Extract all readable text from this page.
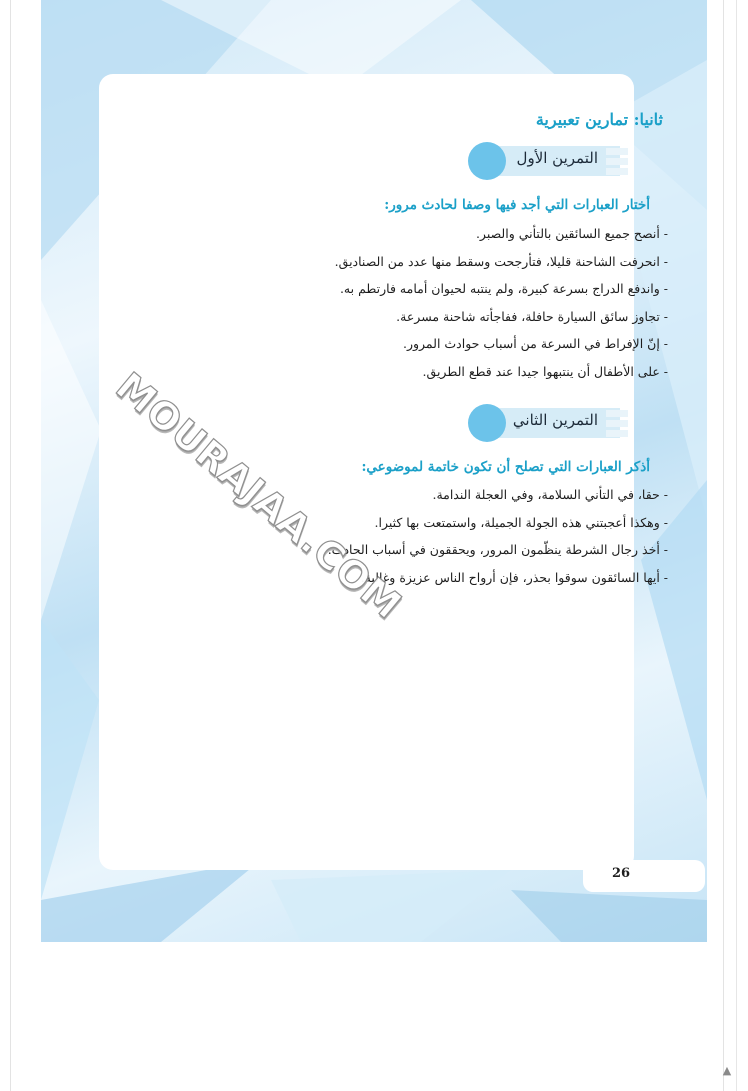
▲
26
ثانيا: تمارين تعبيرية
التمرين الأول
أختار العبارات التي أجد فيها وصفا لحادث مرور:
- أنصح جميع السائقين بالتأني والصبر.
- انحرفت الشاحنة قليلا، فتأرجحت وسقط منها عدد من الصناديق.
- واندفع الدراج بسرعة كبيرة، ولم ينتبه لحيوان أمامه فارتطم به.
- تجاوز سائق السيارة حافلة، ففاجأته شاحنة مسرعة.
- إنّ الإفراط في السرعة من أسباب حوادث المرور.
- على الأطفال أن ينتبهوا جيدا عند قطع الطريق.
التمرين الثاني
أذكر العبارات التي تصلح أن تكون خاتمة لموضوعي:
- حقا، في التأني السلامة، وفي العجلة الندامة.
- وهكذا أعجبتني هذه الجولة الجميلة، واستمتعت بها كثيرا.
- أخذ رجال الشرطة ينظّمون المرور، ويحققون في أسباب الحادث.
- أيها السائقون سوقوا بحذر، فإن أرواح الناس عزيزة وغالية.
MOURAJAA.COM
